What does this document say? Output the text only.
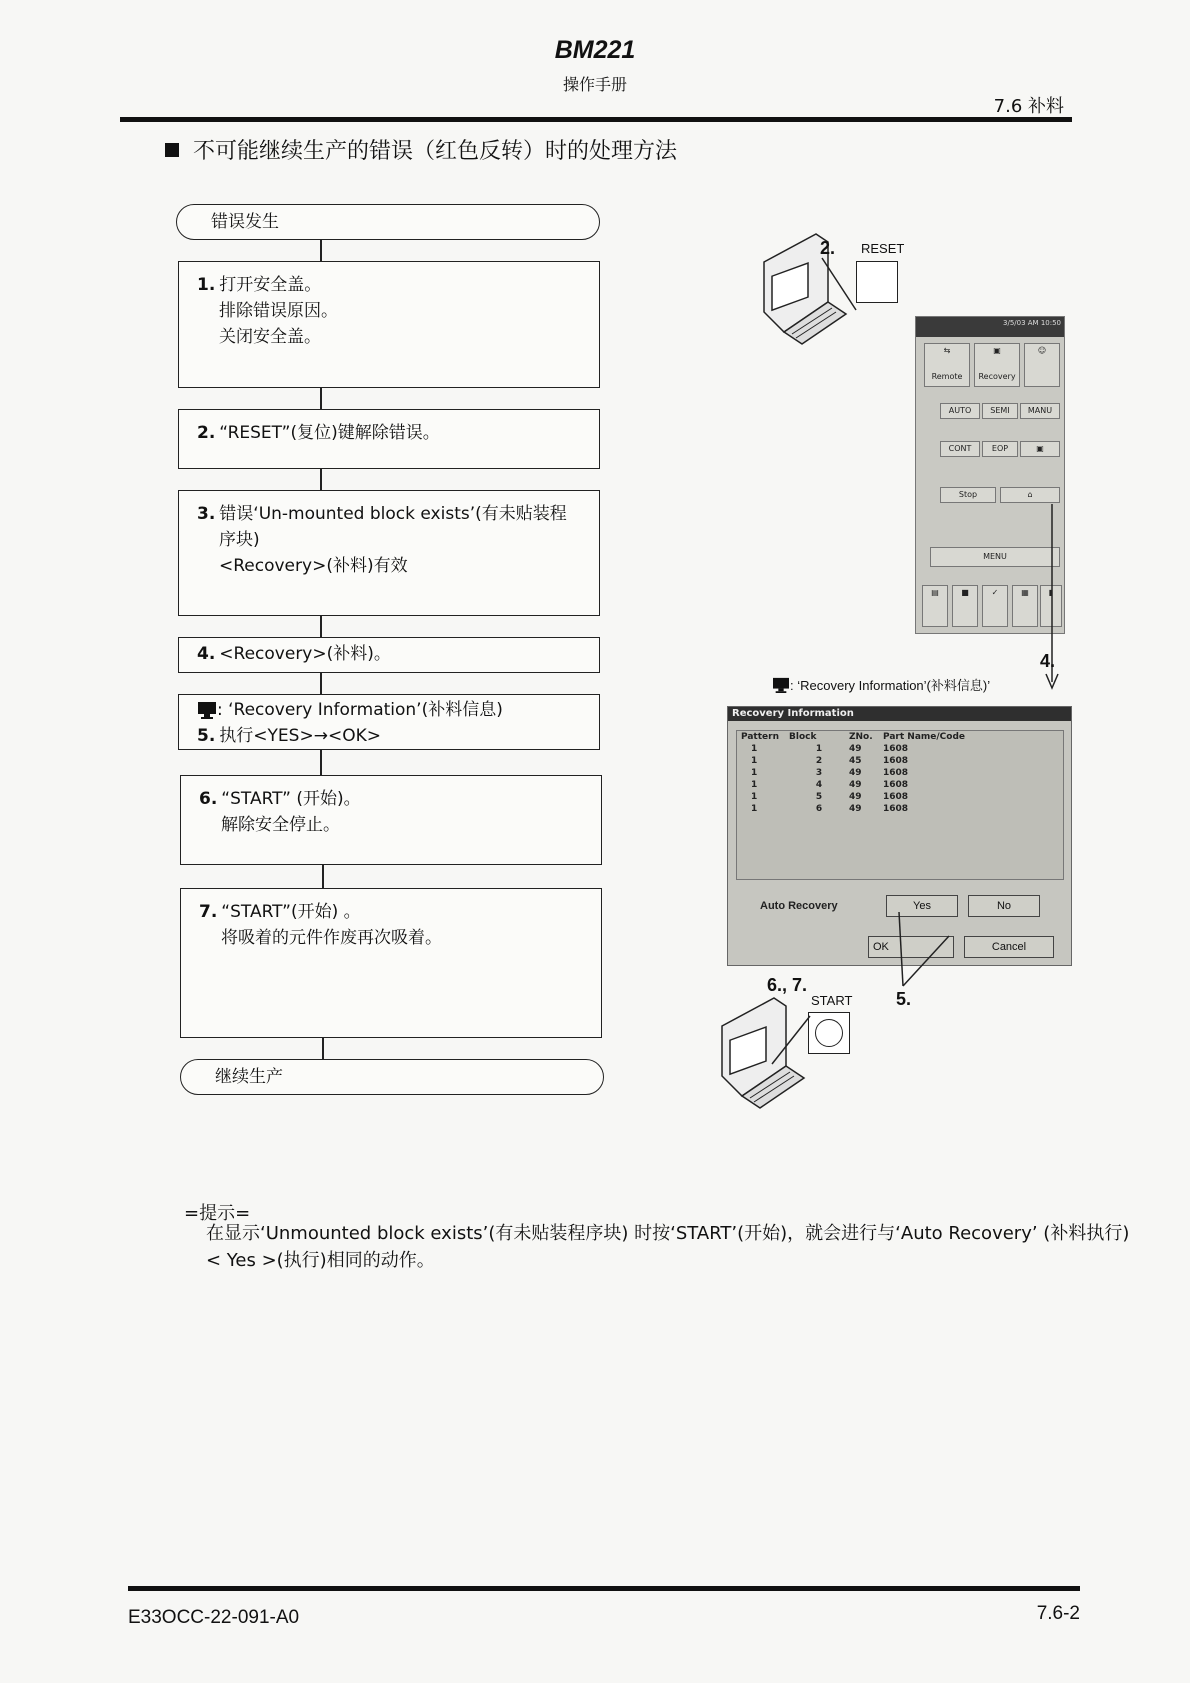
BM221
操作手册
7.6 补料
不可能继续生产的错误（红色反转）时的处理方法
错误发生
1. 打开安全盖。
排除错误原因。
关闭安全盖。
2. “RESET”(复位)键解除错误。
3. 错误‘Un-mounted block exists’(有未贴装程
序块)
<Recovery>(补料)有效
4. <Recovery>(补料)。
: ‘Recovery Information’(补料信息)
5. 执行<YES>→<OK>
6. “START” (开始)。
解除安全停止。
7. “START”(开始) 。
将吸着的元件作废再次吸着。
继续生产
2. RESET
3/5/03 AM 10:50
⇆
Remote
▣
Recovery
☺
AUTO	SEMI	MANU
CONT	EOP	▣
Stop	⌂
MENU
▤	■	✓	▦	▮
4.
: ‘Recovery Information’(补料信息)’
Recovery Information
Pattern	Block	ZNo.	Part Name/Code
1	1	49	1608
1	2	45	1608
1	3	49	1608
1	4	49	1608
1	5	49	1608
1	6	49	1608
Auto Recovery	Yes	No
OK	Cancel
5.
6., 7.
START
=提示=
在显示‘Unmounted block exists’(有未贴装程序块) 时按‘START’(开始)，就会进行与‘Auto Recovery’ (补料执行)< Yes >(执行)相同的动作。
E33OCC-22-091-A0	7.6-2
